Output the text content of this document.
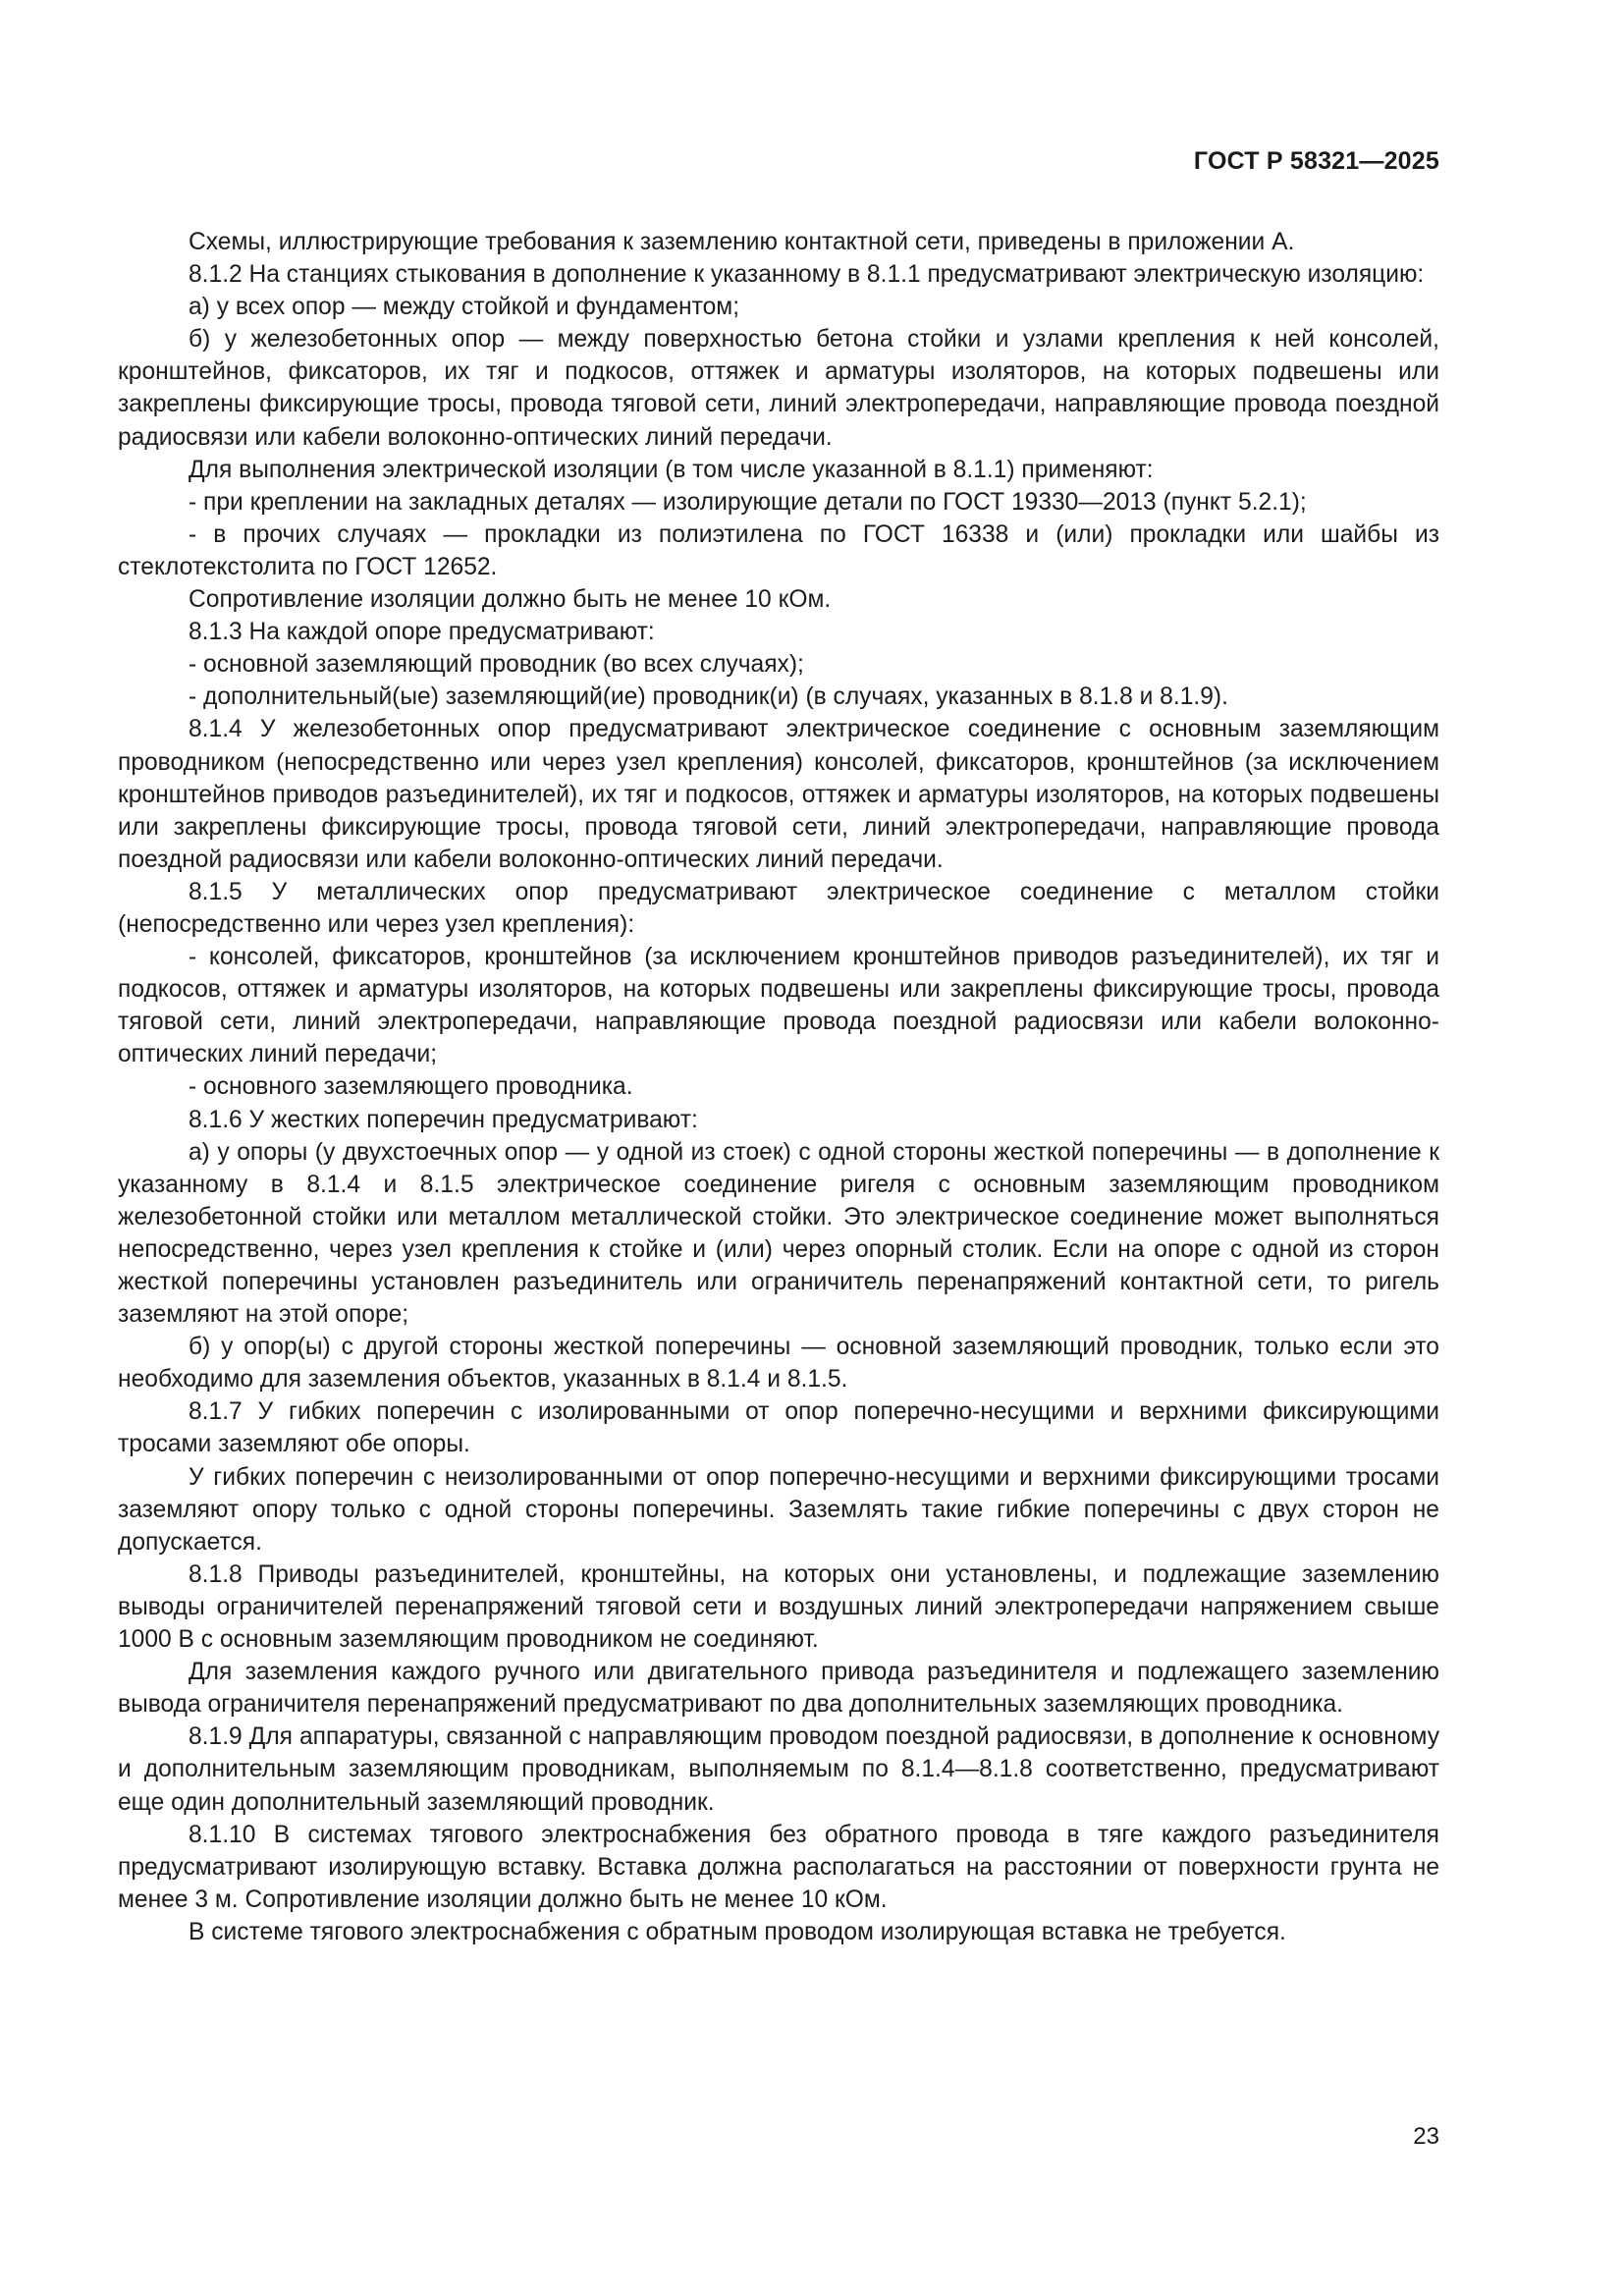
ГОСТ Р 58321—2025

Схемы, иллюстрирующие требования к заземлению контактной сети, приведены в приложении А.

8.1.2 На станциях стыкования в дополнение к указанному в 8.1.1 предусматривают электрическую изоляцию:

а) у всех опор — между стойкой и фундаментом;

б) у железобетонных опор — между поверхностью бетона стойки и узлами крепления к ней консолей, кронштейнов, фиксаторов, их тяг и подкосов, оттяжек и арматуры изоляторов, на которых подвешены или закреплены фиксирующие тросы, провода тяговой сети, линий электропередачи, направляющие провода поездной радиосвязи или кабели волоконно-оптических линий передачи.

Для выполнения электрической изоляции (в том числе указанной в 8.1.1) применяют:

- при креплении на закладных деталях — изолирующие детали по ГОСТ 19330—2013 (пункт 5.2.1);

- в прочих случаях — прокладки из полиэтилена по ГОСТ 16338 и (или) прокладки или шайбы из стеклотекстолита по ГОСТ 12652.

Сопротивление изоляции должно быть не менее 10 кОм.

8.1.3 На каждой опоре предусматривают:

- основной заземляющий проводник (во всех случаях);

- дополнительный(ые) заземляющий(ие) проводник(и) (в случаях, указанных в 8.1.8 и 8.1.9).

8.1.4 У железобетонных опор предусматривают электрическое соединение с основным заземляющим проводником (непосредственно или через узел крепления) консолей, фиксаторов, кронштейнов (за исключением кронштейнов приводов разъединителей), их тяг и подкосов, оттяжек и арматуры изоляторов, на которых подвешены или закреплены фиксирующие тросы, провода тяговой сети, линий электропередачи, направляющие провода поездной радиосвязи или кабели волоконно-оптических линий передачи.

8.1.5 У металлических опор предусматривают электрическое соединение с металлом стойки (непосредственно или через узел крепления):

- консолей, фиксаторов, кронштейнов (за исключением кронштейнов приводов разъединителей), их тяг и подкосов, оттяжек и арматуры изоляторов, на которых подвешены или закреплены фиксирующие тросы, провода тяговой сети, линий электропередачи, направляющие провода поездной радиосвязи или кабели волоконно-оптических линий передачи;

- основного заземляющего проводника.

8.1.6 У жестких поперечин предусматривают:

а) у опоры (у двухстоечных опор — у одной из стоек) с одной стороны жесткой поперечины — в дополнение к указанному в 8.1.4 и 8.1.5 электрическое соединение ригеля с основным заземляющим проводником железобетонной стойки или металлом металлической стойки. Это электрическое соединение может выполняться непосредственно, через узел крепления к стойке и (или) через опорный столик. Если на опоре с одной из сторон жесткой поперечины установлен разъединитель или ограничитель перенапряжений контактной сети, то ригель заземляют на этой опоре;

б) у опор(ы) с другой стороны жесткой поперечины — основной заземляющий проводник, только если это необходимо для заземления объектов, указанных в 8.1.4 и 8.1.5.

8.1.7 У гибких поперечин с изолированными от опор поперечно-несущими и верхними фиксирующими тросами заземляют обе опоры.

У гибких поперечин с неизолированными от опор поперечно-несущими и верхними фиксирующими тросами заземляют опору только с одной стороны поперечины. Заземлять такие гибкие поперечины с двух сторон не допускается.

8.1.8 Приводы разъединителей, кронштейны, на которых они установлены, и подлежащие заземлению выводы ограничителей перенапряжений тяговой сети и воздушных линий электропередачи напряжением свыше 1000 В с основным заземляющим проводником не соединяют.

Для заземления каждого ручного или двигательного привода разъединителя и подлежащего заземлению вывода ограничителя перенапряжений предусматривают по два дополнительных заземляющих проводника.

8.1.9 Для аппаратуры, связанной с направляющим проводом поездной радиосвязи, в дополнение к основному и дополнительным заземляющим проводникам, выполняемым по 8.1.4—8.1.8 соответственно, предусматривают еще один дополнительный заземляющий проводник.

8.1.10 В системах тягового электроснабжения без обратного провода в тяге каждого разъединителя предусматривают изолирующую вставку. Вставка должна располагаться на расстоянии от поверхности грунта не менее 3 м. Сопротивление изоляции должно быть не менее 10 кОм.

В системе тягового электроснабжения с обратным проводом изолирующая вставка не требуется.

23
